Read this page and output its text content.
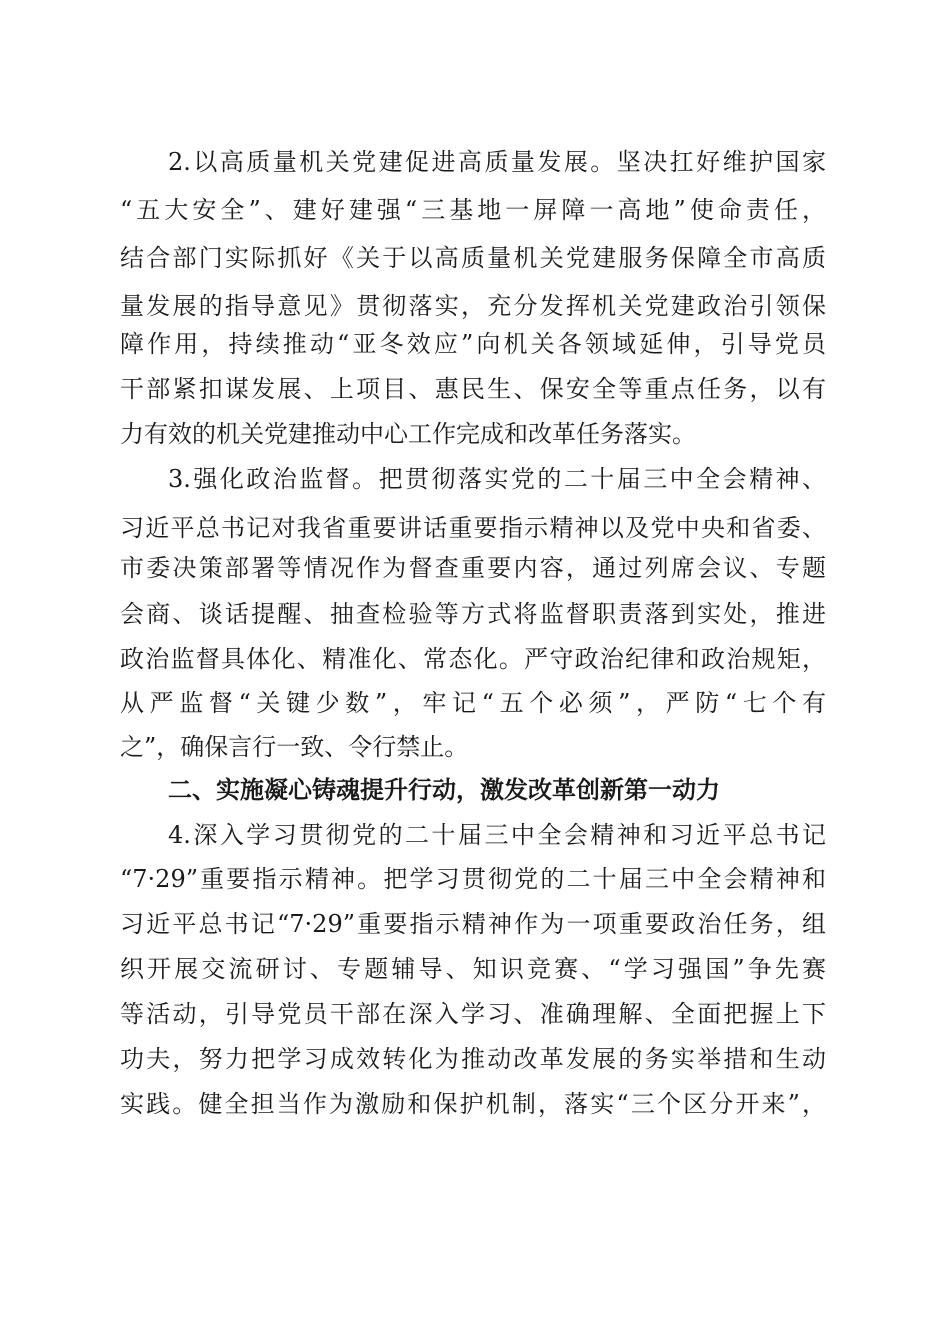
2.以高质量机关党建促进高质量发展。坚决扛好维护国家
“五大安全”、建好建强“三基地一屏障一高地”使命责任，
结合部门实际抓好《关于以高质量机关党建服务保障全市高质
量发展的指导意见》贯彻落实，充分发挥机关党建政治引领保
障作用，持续推动“亚冬效应”向机关各领域延伸，引导党员
干部紧扣谋发展、上项目、惠民生、保安全等重点任务，以有
力有效的机关党建推动中心工作完成和改革任务落实。
3.强化政治监督。把贯彻落实党的二十届三中全会精神、
习近平总书记对我省重要讲话重要指示精神以及党中央和省委、
市委决策部署等情况作为督查重要内容，通过列席会议、专题
会商、谈话提醒、抽查检验等方式将监督职责落到实处，推进
政治监督具体化、精准化、常态化。严守政治纪律和政治规矩，
从严监督“关键少数”，牢记“五个必须”，严防“七个有
之”，确保言行一致、令行禁止。
二、实施凝心铸魂提升行动，激发改革创新第一动力
4.深入学习贯彻党的二十届三中全会精神和习近平总书记
“7·29”重要指示精神。把学习贯彻党的二十届三中全会精神和
习近平总书记“7·29”重要指示精神作为一项重要政治任务，组
织开展交流研讨、专题辅导、知识竞赛、“学习强国”争先赛
等活动，引导党员干部在深入学习、准确理解、全面把握上下
功夫，努力把学习成效转化为推动改革发展的务实举措和生动
实践。健全担当作为激励和保护机制，落实“三个区分开来”，
